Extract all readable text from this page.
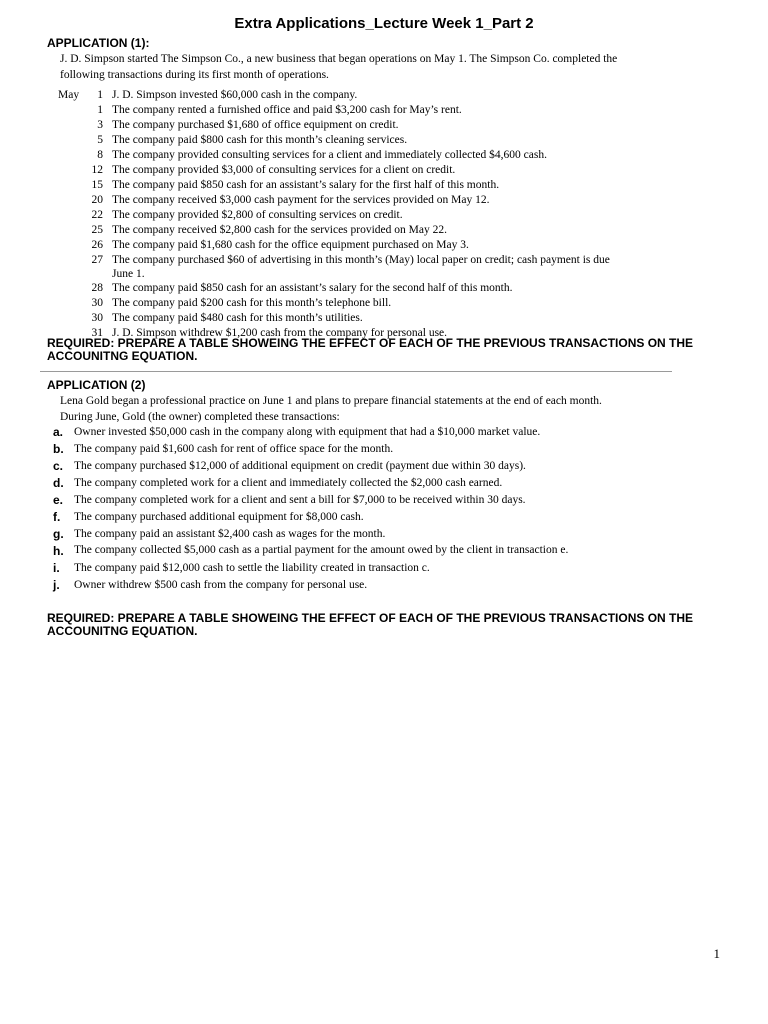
Extra Applications_Lecture Week 1_Part 2
APPLICATION (1):
J. D. Simpson started The Simpson Co., a new business that began operations on May 1. The Simpson Co. completed the following transactions during its first month of operations.
May	1 J. D. Simpson invested $60,000 cash in the company.
1 The company rented a furnished office and paid $3,200 cash for May’s rent.
3 The company purchased $1,680 of office equipment on credit.
5 The company paid $800 cash for this month’s cleaning services.
8 The company provided consulting services for a client and immediately collected $4,600 cash.
12 The company provided $3,000 of consulting services for a client on credit.
15 The company paid $850 cash for an assistant’s salary for the first half of this month.
20 The company received $3,000 cash payment for the services provided on May 12.
22 The company provided $2,800 of consulting services on credit.
25 The company received $2,800 cash for the services provided on May 22.
26 The company paid $1,680 cash for the office equipment purchased on May 3.
27 The company purchased $60 of advertising in this month’s (May) local paper on credit; cash payment is due June 1.
28 The company paid $850 cash for an assistant’s salary for the second half of this month.
30 The company paid $200 cash for this month’s telephone bill.
30 The company paid $480 cash for this month’s utilities.
31 J. D. Simpson withdrew $1,200 cash from the company for personal use.
REQUIRED: PREPARE A TABLE SHOWEING THE EFFECT OF EACH OF THE PREVIOUS TRANSACTIONS ON THE ACCOUNITNG EQUATION.
APPLICATION (2)
Lena Gold began a professional practice on June 1 and plans to prepare financial statements at the end of each month. During June, Gold (the owner) completed these transactions:
a. Owner invested $50,000 cash in the company along with equipment that had a $10,000 market value.
b. The company paid $1,600 cash for rent of office space for the month.
c. The company purchased $12,000 of additional equipment on credit (payment due within 30 days).
d. The company completed work for a client and immediately collected the $2,000 cash earned.
e. The company completed work for a client and sent a bill for $7,000 to be received within 30 days.
f.	The company purchased additional equipment for $8,000 cash.
g. The company paid an assistant $2,400 cash as wages for the month.
h. The company collected $5,000 cash as a partial payment for the amount owed by the client in transaction e.
i.	The company paid $12,000 cash to settle the liability created in transaction c.
j.	Owner withdrew $500 cash from the company for personal use.
REQUIRED: PREPARE A TABLE SHOWEING THE EFFECT OF EACH OF THE PREVIOUS TRANSACTIONS ON THE ACCOUNITNG EQUATION.
1
